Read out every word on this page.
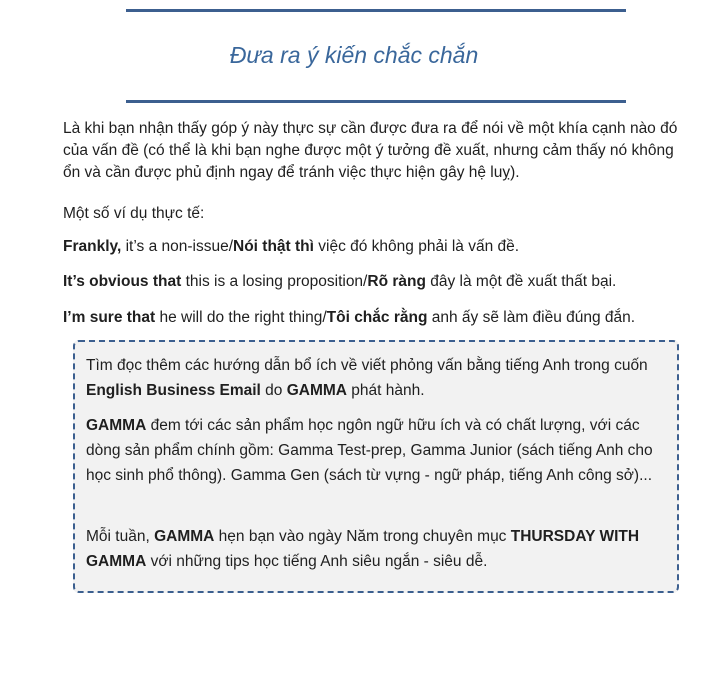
Đưa ra ý kiến chắc chắn

Là khi bạn nhận thấy góp ý này thực sự cần được đưa ra để nói về một khía cạnh nào đó của vấn đề (có thể là khi bạn nghe được một ý tưởng đề xuất, nhưng cảm thấy nó không ổn và cần được phủ định ngay để tránh việc thực hiện gây hệ luỵ).

Một số ví dụ thực tế:

Frankly, it’s a non-issue/Nói thật thì việc đó không phải là vấn đề.

It’s obvious that this is a losing proposition/Rõ ràng đây là một đề xuất thất bại.

I’m sure that he will do the right thing/Tôi chắc rằng anh ấy sẽ làm điều đúng đắn.

Tìm đọc thêm các hướng dẫn bổ ích về viết phỏng vấn bằng tiếng Anh trong cuốn English Business Email do GAMMA phát hành.

GAMMA đem tới các sản phẩm học ngôn ngữ hữu ích và có chất lượng, với các dòng sản phẩm chính gồm: Gamma Test-prep, Gamma Junior (sách tiếng Anh cho học sinh phổ thông). Gamma Gen (sách từ vựng - ngữ pháp, tiếng Anh công sở)...

Mỗi tuần, GAMMA hẹn bạn vào ngày Năm trong chuyên mục THURSDAY WITH GAMMA với những tips học tiếng Anh siêu ngắn - siêu dễ.
